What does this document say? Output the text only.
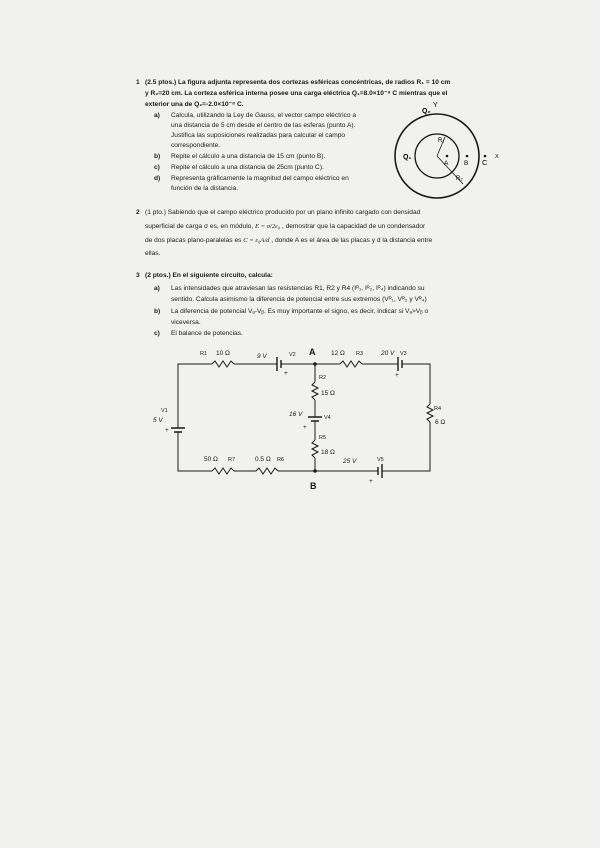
1 (2.5 ptos.) La figura adjunta representa dos cortezas esféricas concéntricas, de radios R₁ = 10 cm
y R₂=20 cm. La corteza esférica interna posee una carga eléctrica Q₁=8.0×10⁻⁸ C mientras que el
exterior una de Q₂=-2.0×10⁻⁸ C.
a) Calcula, utilizando la Ley de Gauss, el vector campo eléctrico a
una distancia de 5 cm desde el centro de las esferas (punto A).
Justifica las suposiciones realizadas para calcular el campo
correspondiente.
b) Repite el cálculo a una distancia de 15 cm (punto B).
c) Repite el cálculo a una distancia de 25cm (punto C).
d) Representa gráficamente la magnitud del campo eléctrico en
función de la distancia.
Y
Q₂
Q₁
R₁
R₂
A B C
X
2 (1 pto.) Sabiendo que el campo eléctrico producido por un plano infinito cargado con densidad
superficial de carga σ es, en módulo, E = σ/2ε₀ , demostrar que la capacidad de un condensador
de dos placas plano-paralelas es C = ε₀A/d , donde A es el área de las placas y d la distancia entre
ellas.
3 (2 ptos.) En el siguiente circuito, calcula:
a) Las intensidades que atraviesan las resistencias R1, R2 y R4 (Iᴿ₁, Iᴿ₂, Iᴿ₄) indicando su
sentido. Calcula asimismo la diferencia de potencial entre sus extremos (Vᴿ₁, Vᴿ₂ y Vᴿ₄)
b) La diferencia de potencial Vₐ-Vᵦ. Es muy importante el signo, es decir, indicar si Vₐ>Vᵦ o
viceversa.
c) El balance de potencias.
R1 10 Ω	9 V	V2
+
A 12 Ω R3	20 V V3
+
R2
15 Ω
V1
5 V
+
16 V	V4
+
R4
6 Ω
R5
18 Ω
50 Ω R7	0.5 Ω R6	25 V	V5
+
B
